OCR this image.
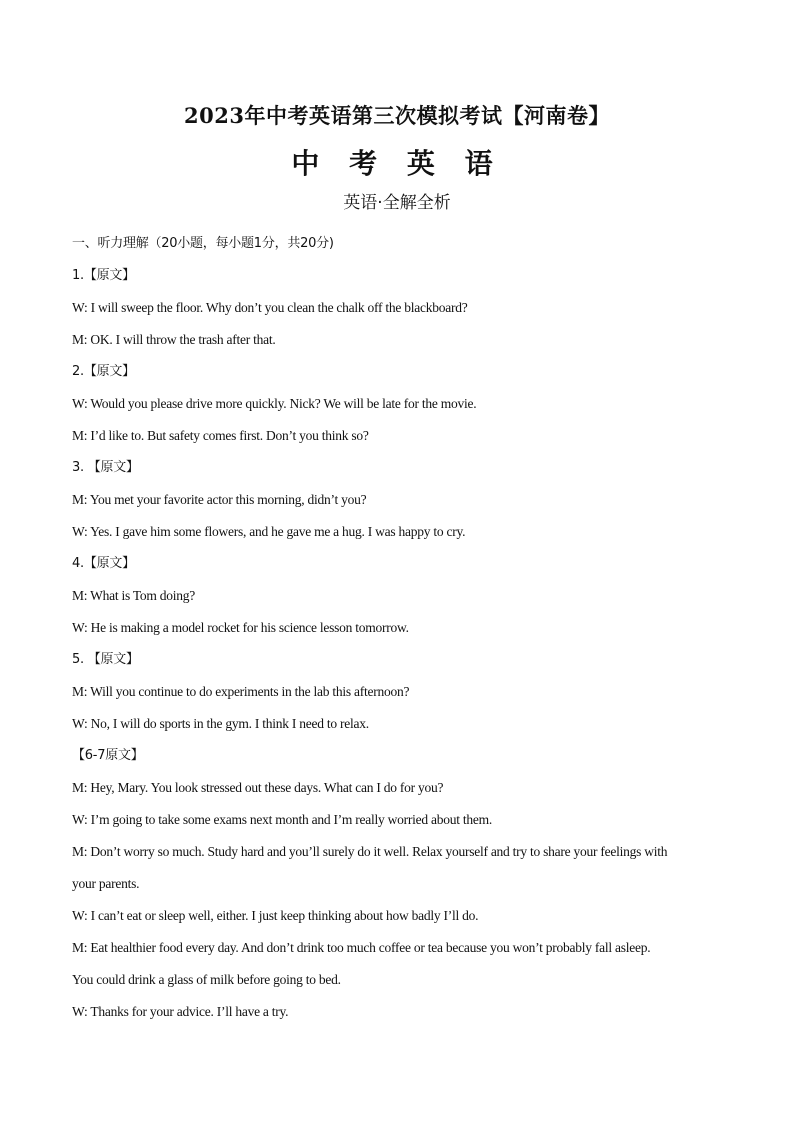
2023年中考英语第三次模拟考试【河南卷】
中 考 英 语
英语·全解全析
一、听力理解（20小题，每小题1分，共20分)
1.【原文】
W: I will sweep the floor. Why don’t you clean the chalk off the blackboard?
M: OK. I will throw the trash after that.
2.【原文】
W: Would you please drive more quickly. Nick? We will be late for the movie.
M: I’d like to. But safety comes first. Don’t you think so?
3. 【原文】
M: You met your favorite actor this morning, didn’t you?
W: Yes. I gave him some flowers, and he gave me a hug. I was happy to cry.
4.【原文】
M: What is Tom doing?
W: He is making a model rocket for his science lesson tomorrow.
5. 【原文】
M: Will you continue to do experiments in the lab this afternoon?
W: No, I will do sports in the gym. I think I need to relax.
【6-7原文】
M: Hey, Mary. You look stressed out these days. What can I do for you?
W: I’m going to take some exams next month and I’m really worried about them.
M: Don’t worry so much. Study hard and you’ll surely do it well. Relax yourself and try to share your feelings with
your parents.
W: I can’t eat or sleep well, either. I just keep thinking about how badly I’ll do.
M: Eat healthier food every day. And don’t drink too much coffee or tea because you won’t probably fall asleep.
You could drink a glass of milk before going to bed.
W: Thanks for your advice. I’ll have a try.
